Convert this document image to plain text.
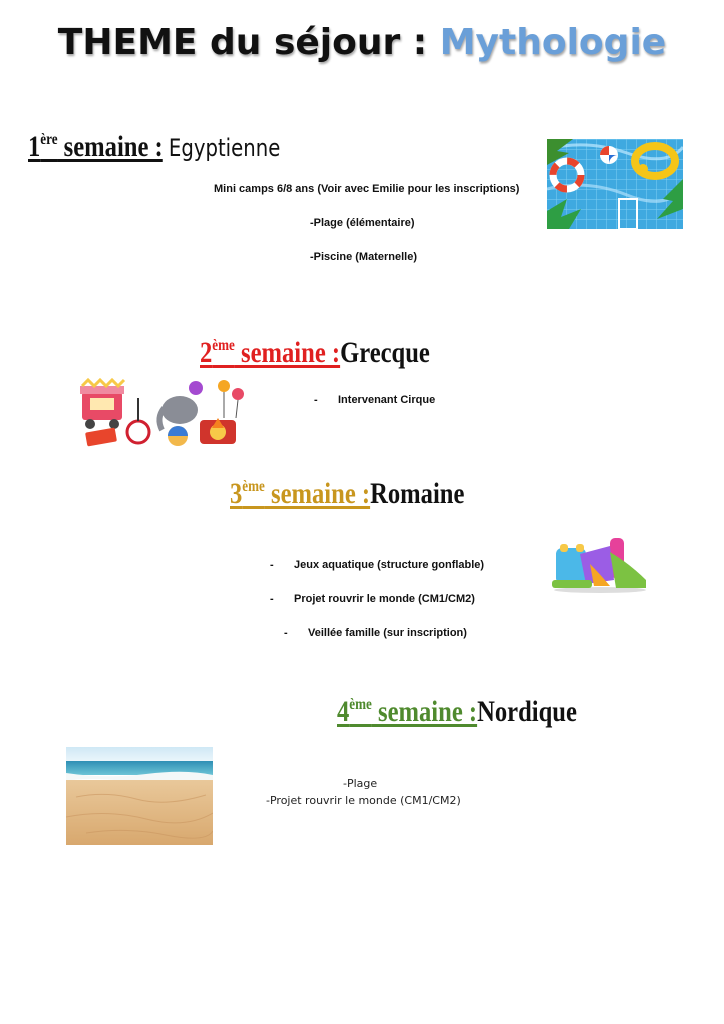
THEME du séjour : Mythologie
1ère semaine : Egyptienne
Mini camps 6/8 ans (Voir avec Emilie pour les inscriptions)
-Plage (élémentaire)
-Piscine (Maternelle)
2ème semaine :Grecque
- Intervenant Cirque
3ème semaine :Romaine
- Jeux aquatique (structure gonflable)
- Projet rouvrir le monde (CM1/CM2)
- Veillée famille (sur inscription)
4ème semaine :Nordique
-Plage
-Projet rouvrir le monde (CM1/CM2)
